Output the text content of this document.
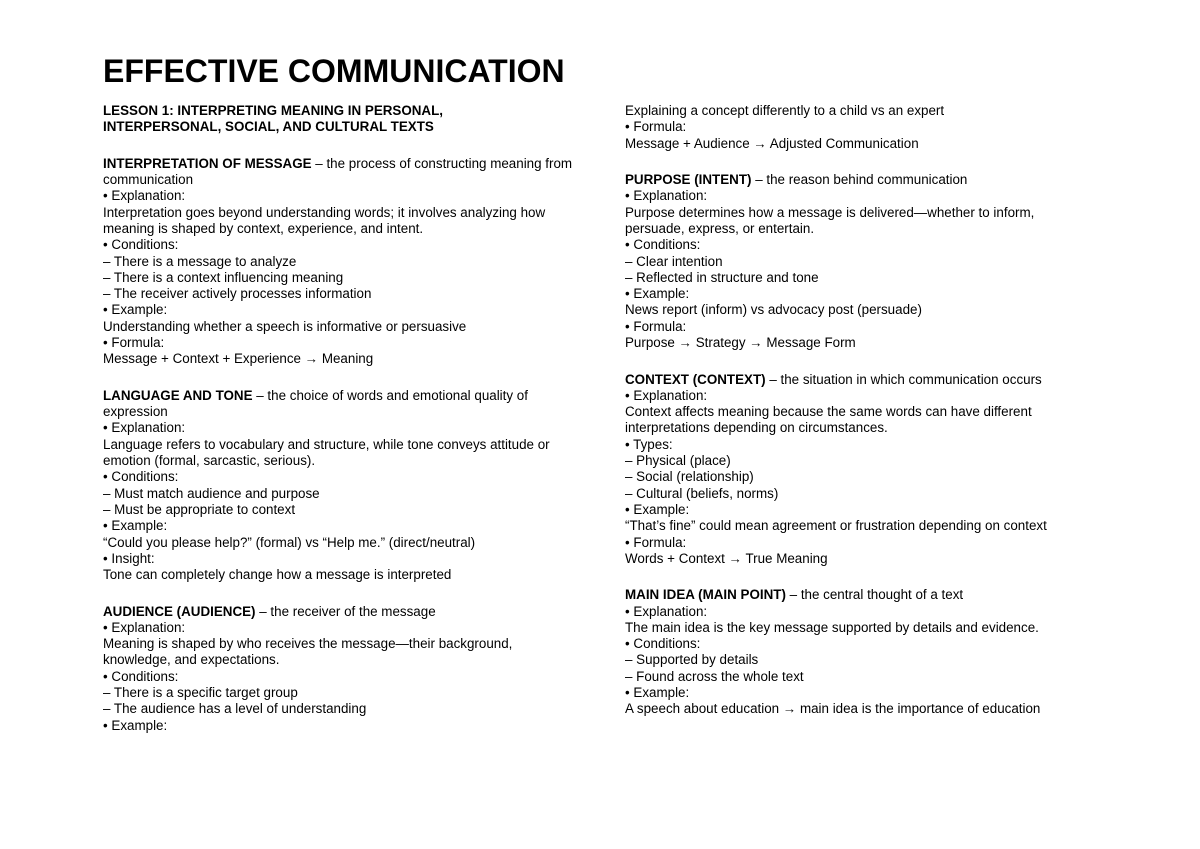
EFFECTIVE COMMUNICATION
LESSON 1: INTERPRETING MEANING IN PERSONAL,
INTERPERSONAL, SOCIAL, AND CULTURAL TEXTS
INTERPRETATION OF MESSAGE – the process of constructing meaning from communication
• Explanation:
Interpretation goes beyond understanding words; it involves analyzing how meaning is shaped by context, experience, and intent.
• Conditions:
– There is a message to analyze
– There is a context influencing meaning
– The receiver actively processes information
• Example:
Understanding whether a speech is informative or persuasive
• Formula:
Message + Context + Experience → Meaning
LANGUAGE AND TONE – the choice of words and emotional quality of expression
• Explanation:
Language refers to vocabulary and structure, while tone conveys attitude or emotion (formal, sarcastic, serious).
• Conditions:
– Must match audience and purpose
– Must be appropriate to context
• Example:
“Could you please help?” (formal) vs “Help me.” (direct/neutral)
• Insight:
Tone can completely change how a message is interpreted
AUDIENCE (AUDIENCE) – the receiver of the message
• Explanation:
Meaning is shaped by who receives the message—their background, knowledge, and expectations.
• Conditions:
– There is a specific target group
– The audience has a level of understanding
• Example:
Explaining a concept differently to a child vs an expert
• Formula:
Message + Audience → Adjusted Communication
PURPOSE (INTENT) – the reason behind communication
• Explanation:
Purpose determines how a message is delivered—whether to inform, persuade, express, or entertain.
• Conditions:
– Clear intention
– Reflected in structure and tone
• Example:
News report (inform) vs advocacy post (persuade)
• Formula:
Purpose → Strategy → Message Form
CONTEXT (CONTEXT) – the situation in which communication occurs
• Explanation:
Context affects meaning because the same words can have different interpretations depending on circumstances.
• Types:
– Physical (place)
– Social (relationship)
– Cultural (beliefs, norms)
• Example:
“That’s fine” could mean agreement or frustration depending on context
• Formula:
Words + Context → True Meaning
MAIN IDEA (MAIN POINT) – the central thought of a text
• Explanation:
The main idea is the key message supported by details and evidence.
• Conditions:
– Supported by details
– Found across the whole text
• Example:
A speech about education → main idea is the importance of education
